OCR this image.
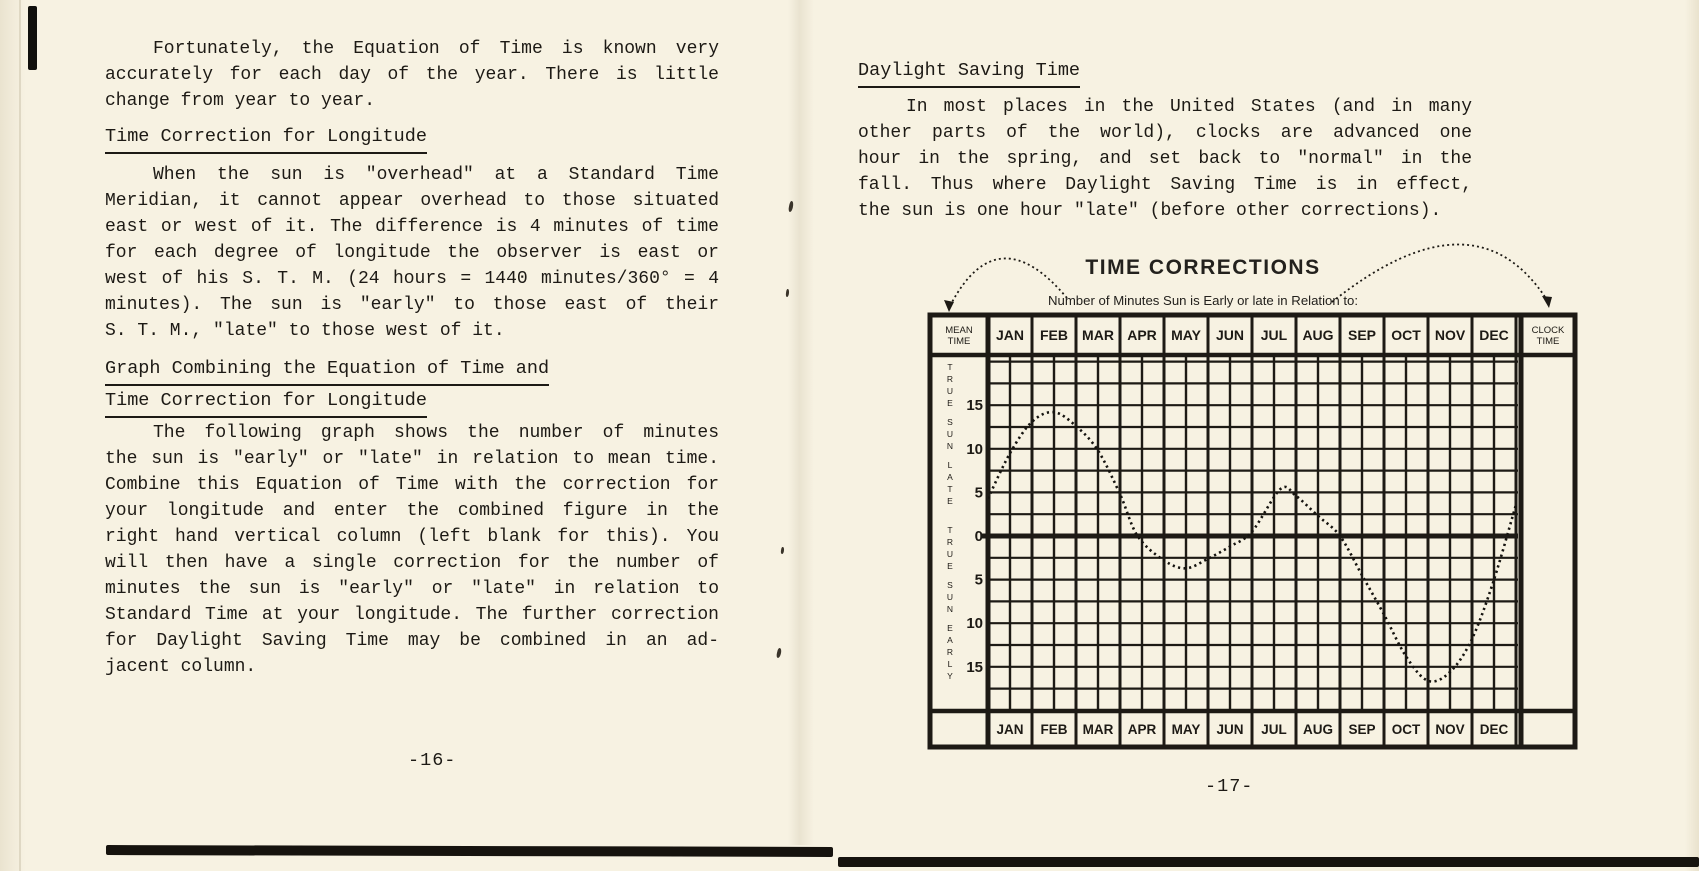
Fortunately, the Equation of Time is known very
accurately for each day of the year. There is little
change from year to year.
Time Correction for Longitude
When the sun is "overhead" at a Standard Time
Meridian, it cannot appear overhead to those situated
east or west of it. The difference is 4 minutes of time
for each degree of longitude the observer is east or
west of his S. T. M. (24 hours = 1440 minutes/360° = 4
minutes). The sun is "early" to those east of their
S. T. M., "late" to those west of it.
Graph Combining the Equation of Time and
Time Correction for Longitude
The following graph shows the number of minutes
the sun is "early" or "late" in relation to mean time.
Combine this Equation of Time with the correction for
your longitude and enter the combined figure in the
right hand vertical column (left blank for this). You
will then have a single correction for the number of
minutes the sun is "early" or "late" in relation to
Standard Time at your longitude. The further correction
for Daylight Saving Time may be combined in an ad-
jacent column.
-16-
Daylight Saving Time
In most places in the United States (and in many
other parts of the world), clocks are advanced one
hour in the spring, and set back to "normal" in the
fall. Thus where Daylight Saving Time is in effect,
the sun is one hour "late" (before other corrections).
JAN FEB MAR APR MAY JUN JUL AUG SEP OCT NOV DEC
MEAN
TIME
CLOCK
TIME
JAN FEB MAR APR MAY JUN JUL AUG SEP OCT NOV DEC
15
10
5
0
5
10
15
T
R
U
E
S
U
N
L
A
T
E
T
R
U
E
S
U
N
E
A
R
L
Y
TIME CORRECTIONS
Number of Minutes Sun is Early or late in Relation to:
-17-
